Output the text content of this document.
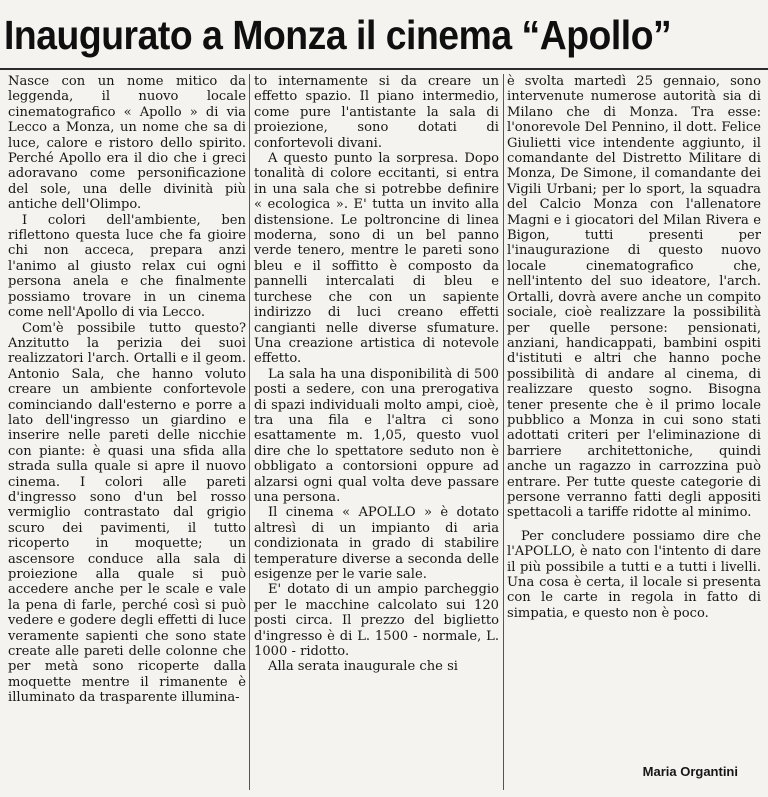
Inaugurato a Monza il cinema “Apollo”

Nasce con un nome mitico da leggenda, il nuovo locale cinematografico « Apollo » di via Lecco a Monza, un nome che sa di luce, calore e ristoro dello spirito. Perché Apollo era il dio che i greci adoravano come personificazione del sole, una delle divinità più antiche dell'Olimpo.

I colori dell'ambiente, ben riflettono questa luce che fa gioire chi non accecа, prepara anzi l'animo al giusto relax cui ogni persona anela e che finalmente possiamo trovare in un cinema come nell'Apollo di via Lecco.

Com'è possibile tutto questo? Anzitutto la perizia dei suoi realizzatori l'arch. Ortalli e il geom. Antonio Sala, che hanno voluto creare un ambiente confortevole cominciando dall'esterno e porre a lato dell'ingresso un giardino e inserire nelle pareti delle nicchie con piante: è quasi una sfida alla strada sulla quale si apre il nuovo cinema. I colori alle pareti d'ingresso sono d'un bel rosso vermiglio contrastato dal grigio scuro dei pavimenti, il tutto ricoperto in moquette; un ascensore conduce alla sala di proiezione alla quale si può accedere anche per le scale e vale la pena di farle, perché così si può vedere e godere degli effetti di luce veramente sapienti che sono state create alle pareti delle colonne che per metà sono ricoperte dalla moquette mentre il rimanente è illuminato da trasparente illumina-

to internamente si da creare un effetto spazio. Il piano intermedio, come pure l'antistante la sala di proiezione, sono dotati di confortevoli divani.

A questo punto la sorpresa. Dopo tonalità di colore eccitanti, si entra in una sala che si potrebbe definire « ecologica ». E' tutta un invito alla distensione. Le poltroncine di linea moderna, sono di un bel panno verde tenero, mentre le pareti sono bleu e il soffitto è composto da pannelli intercalati di bleu e turchese che con un sapiente indirizzo di luci creano effetti cangianti nelle diverse sfumature. Una creazione artistica di notevole effetto.

La sala ha una disponibilità di 500 posti a sedere, con una prerogativa di spazi individuali molto ampi, cioè, tra una fila e l'altra ci sono esattamente m. 1,05, questo vuol dire che lo spettatore seduto non è obbligato a contorsioni oppure ad alzarsi ogni qual volta deve passare una persona.

Il cinema « APOLLO » è dotato altresì di un impianto di aria condizionata in grado di stabilire temperature diverse a seconda delle esigenze per le varie sale.

E' dotato di un ampio parcheggio per le macchine calcolato sui 120 posti circa. Il prezzo del biglietto d'ingresso è di L. 1500 - normale, L. 1000 - ridotto.

Alla serata inaugurale che si

è svolta martedì 25 gennaio, sono intervenute numerose autorità sia di Milano che di Monza. Tra esse: l'onorevole Del Pennino, il dott. Felice Giulietti vice intendente aggiunto, il comandante del Distretto Militare di Monza, De Simone, il comandante dei Vigili Urbani; per lo sport, la squadra del Calcio Monza con l'allenatore Magni e i giocatori del Milan Rivera e Bigon, tutti presenti per l'inaugurazione di questo nuovo locale cinematografico che, nell'intento del suo ideatore, l'arch. Ortalli, dovrà avere anche un compito sociale, cioè realizzare la possibilità per quelle persone: pensionati, anziani, handicappati, bambini ospiti d'istituti e altri che hanno poche possibilità di andare al cinema, di realizzare questo sogno. Bisogna tener presente che è il primo locale pubblico a Monza in cui sono stati adottati criteri per l'eliminazione di barriere architettoniche, quindi anche un ragazzo in carrozzina può entrare. Per tutte queste categorie di persone verranno fatti degli appositi spettacoli a tariffe ridotte al minimo.

Per concludere possiamo dire che l'APOLLO, è nato con l'intento di dare il più possibile a tutti e a tutti i livelli. Una cosa è certa, il locale si presenta con le carte in regola in fatto di simpatia, e questo non è poco.

Maria Organtini
